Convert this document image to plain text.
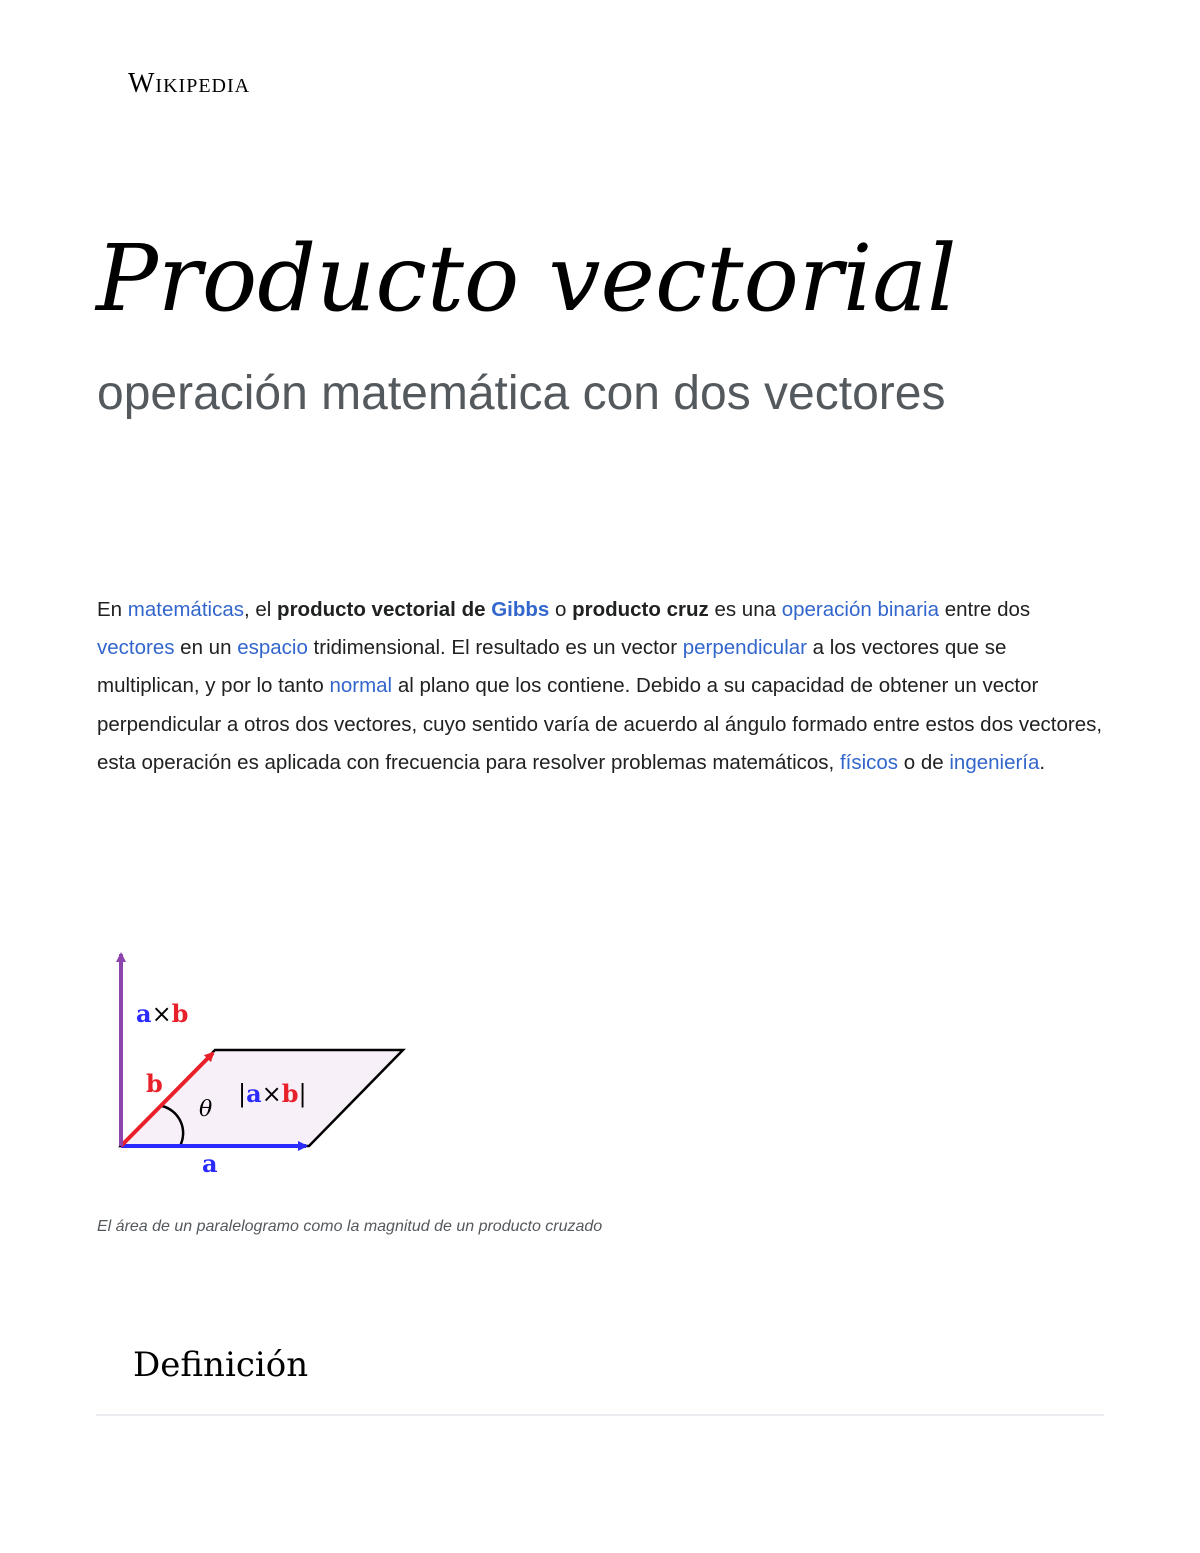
Wikipedia
Producto vectorial

operación matemática con dos vectores

En matemáticas, el producto vectorial de Gibbs o producto cruz es una operación binaria entre dos vectores en un espacio tridimensional. El resultado es un vector perpendicular a los vectores que se multiplican, y por lo tanto normal al plano que los contiene. Debido a su capacidad de obtener un vector perpendicular a otros dos vectores, cuyo sentido varía de acuerdo al ángulo formado entre estos dos vectores, esta operación es aplicada con frecuencia para resolver problemas matemáticos, físicos o de ingeniería.

a×b
b
θ
|a×b|
a

El área de un paralelogramo como la magnitud de un producto cruzado

Definición
